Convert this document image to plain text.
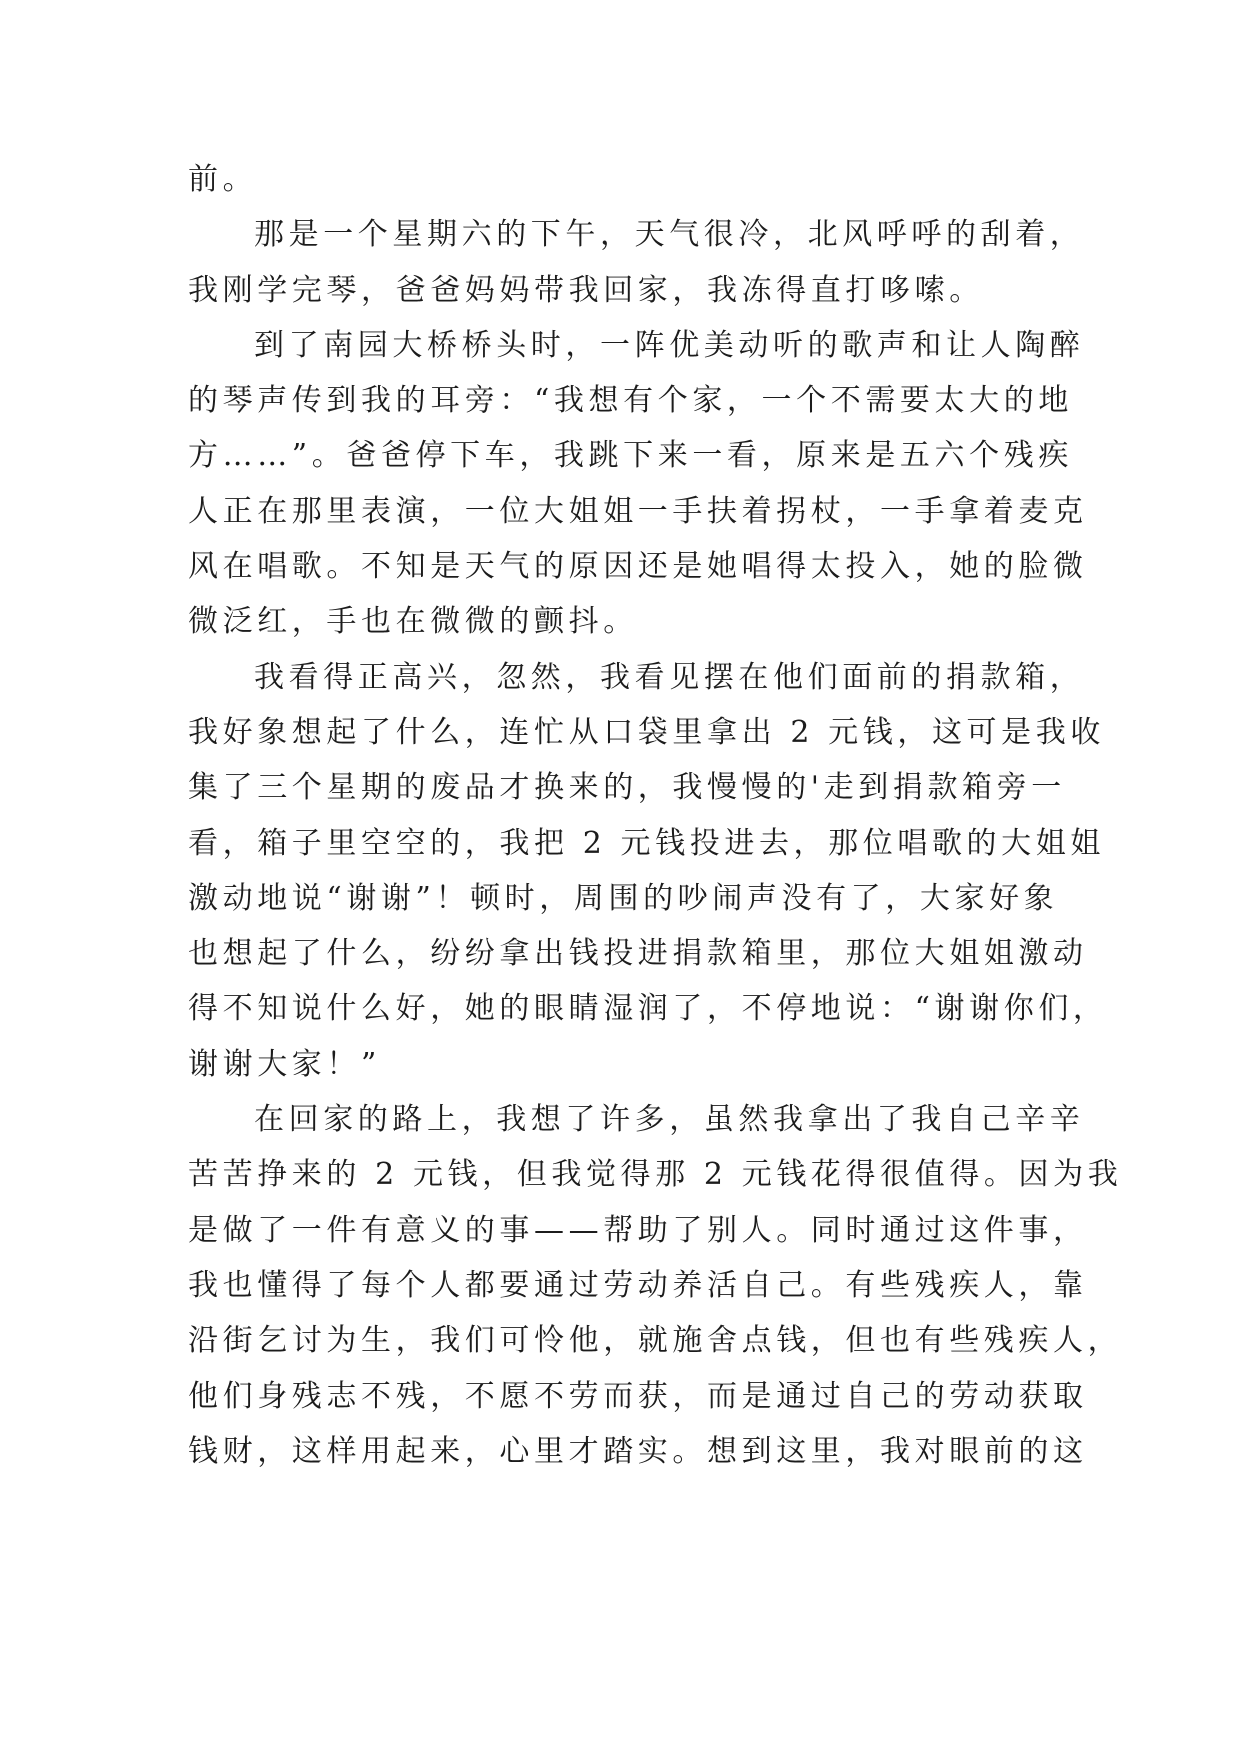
前。
那是一个星期六的下午，天气很冷，北风呼呼的刮着，
我刚学完琴，爸爸妈妈带我回家，我冻得直打哆嗦。
到了南园大桥桥头时，一阵优美动听的歌声和让人陶醉
的琴声传到我的耳旁：“我想有个家，一个不需要太大的地
方……”。爸爸停下车，我跳下来一看，原来是五六个残疾
人正在那里表演，一位大姐姐一手扶着拐杖，一手拿着麦克
风在唱歌。不知是天气的原因还是她唱得太投入，她的脸微
微泛红，手也在微微的颤抖。
我看得正高兴，忽然，我看见摆在他们面前的捐款箱，
我好象想起了什么，连忙从口袋里拿出 2 元钱，这可是我收
集了三个星期的废品才换来的，我慢慢的'走到捐款箱旁一
看，箱子里空空的，我把 2 元钱投进去，那位唱歌的大姐姐
激动地说“谢谢”！顿时，周围的吵闹声没有了，大家好象
也想起了什么，纷纷拿出钱投进捐款箱里，那位大姐姐激动
得不知说什么好，她的眼睛湿润了，不停地说：“谢谢你们，
谢谢大家！”
在回家的路上，我想了许多，虽然我拿出了我自己辛辛
苦苦挣来的 2 元钱，但我觉得那 2 元钱花得很值得。因为我
是做了一件有意义的事——帮助了别人。同时通过这件事，
我也懂得了每个人都要通过劳动养活自己。有些残疾人，靠
沿街乞讨为生，我们可怜他，就施舍点钱，但也有些残疾人，
他们身残志不残，不愿不劳而获，而是通过自己的劳动获取
钱财，这样用起来，心里才踏实。想到这里，我对眼前的这
